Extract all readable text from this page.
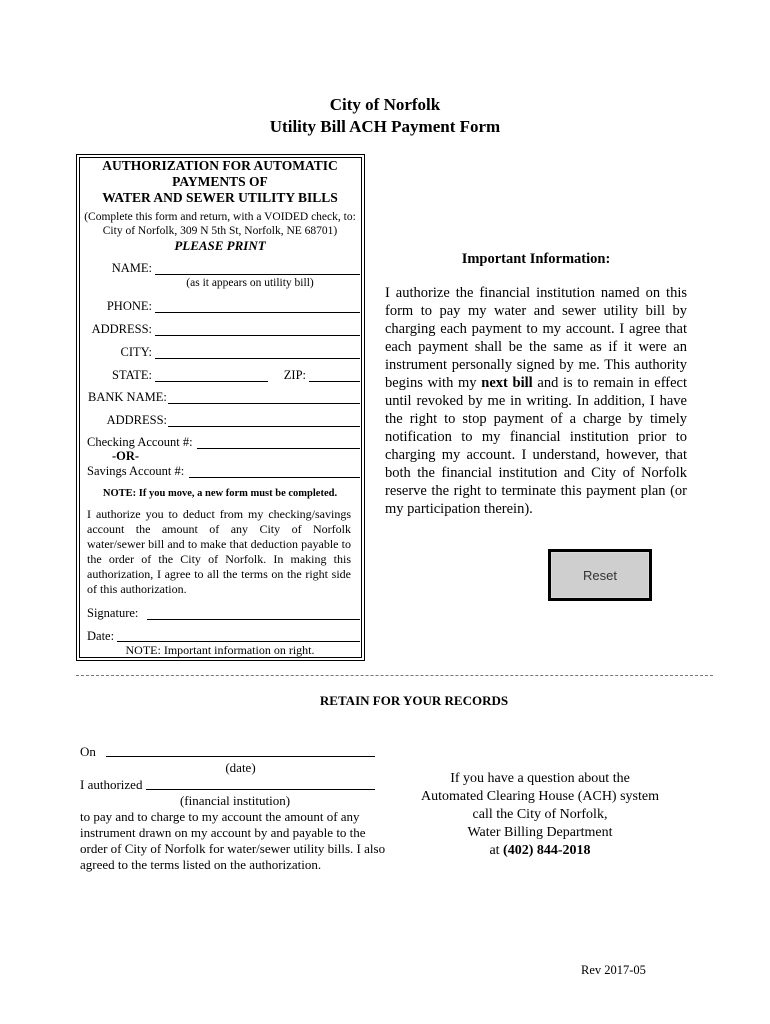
City of Norfolk
Utility Bill ACH Payment Form
AUTHORIZATION FOR AUTOMATIC
PAYMENTS OF
WATER AND SEWER UTILITY BILLS
(Complete this form and return, with a VOIDED check, to:
City of Norfolk, 309 N 5th St, Norfolk, NE 68701)
PLEASE PRINT
NAME:
(as it appears on utility bill)
PHONE:
ADDRESS:
CITY:
STATE:	ZIP:
BANK NAME:
ADDRESS:
Checking Account #:
-OR-
Savings Account #:
NOTE: If you move, a new form must be completed.
I authorize you to deduct from my checking/savings account the amount of any City of Norfolk water/sewer bill and to make that deduction payable to the order of the City of Norfolk. In making this authorization, I agree to all the terms on the right side of this authorization.
Signature:
Date:
NOTE: Important information on right.
Important Information:
I authorize the financial institution named on this form to pay my water and sewer utility bill by charging each payment to my account. I agree that each payment shall be the same as if it were an instrument personally signed by me. This authority begins with my next bill and is to remain in effect until revoked by me in writing. In addition, I have the right to stop payment of a charge by timely notification to my financial institution prior to charging my account. I understand, however, that both the financial institution and City of Norfolk reserve the right to terminate this payment plan (or my participation therein).
Reset
RETAIN FOR YOUR RECORDS
On
(date)
I authorized
(financial institution)
to pay and to charge to my account the amount of any
instrument drawn on my account by and payable to the
order of City of Norfolk for water/sewer utility bills. I also
agreed to the terms listed on the authorization.
If you have a question about the
Automated Clearing House (ACH) system
call the City of Norfolk,
Water Billing Department
at (402) 844-2018
Rev 2017-05
